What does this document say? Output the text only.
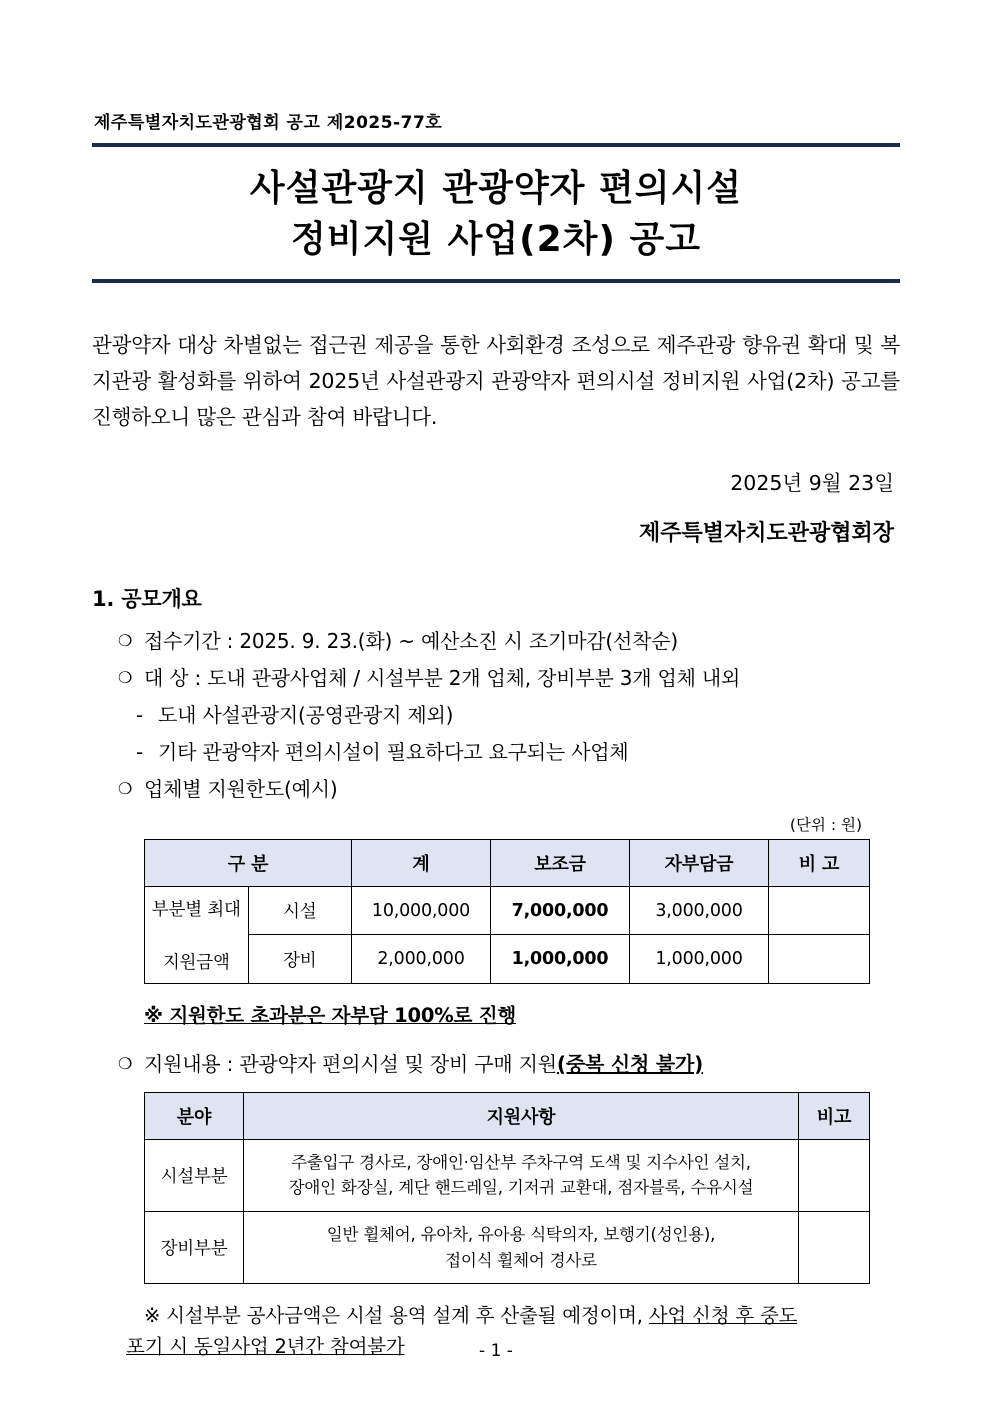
제주특별자치도관광협회 공고 제2025-77호
사설관광지 관광약자 편의시설
정비지원 사업(2차) 공고
관광약자 대상 차별없는 접근권 제공을 통한 사회환경 조성으로 제주관광 향유권 확대 및 복지관광 활성화를 위하여 2025년 사설관광지 관광약자 편의시설 정비지원 사업(2차) 공고를 진행하오니 많은 관심과 참여 바랍니다.
2025년 9월 23일
제주특별자치도관광협회장
1. 공모개요
❍ 접수기간 : 2025. 9. 23.(화) ~ 예산소진 시 조기마감(선착순)
❍ 대 상 : 도내 관광사업체 / 시설부분 2개 업체, 장비부분 3개 업체 내외
- 도내 사설관광지(공영관광지 제외)
- 기타 관광약자 편의시설이 필요하다고 요구되는 사업체
❍ 업체별 지원한도(예시)
(단위 : 원)
구 분		계	보조금	자부담금	비 고

부분별 최대
지원금액	시설	10,000,000	7,000,000	3,000,000	
	장비	2,000,000	1,000,000	1,000,000	
※ 지원한도 초과분은 자부담 100%로 진행
❍ 지원내용 : 관광약자 편의시설 및 장비 구매 지원(중복 신청 불가)
분야	지원사항	비고
시설부분	주출입구 경사로, 장애인·임산부 주차구역 도색 및 지수사인 설치,
장애인 화장실, 계단 핸드레일, 기저귀 교환대, 점자블록, 수유시설	

장비부분	일반 휠체어, 유아차, 유아용 식탁의자, 보행기(성인용),
접이식 휠체어 경사로	

※ 시설부분 공사금액은 시설 용역 설계 후 산출될 예정이며, 사업 신청 후 중도
포기 시 동일사업 2년간 참여불가	- 1 -
